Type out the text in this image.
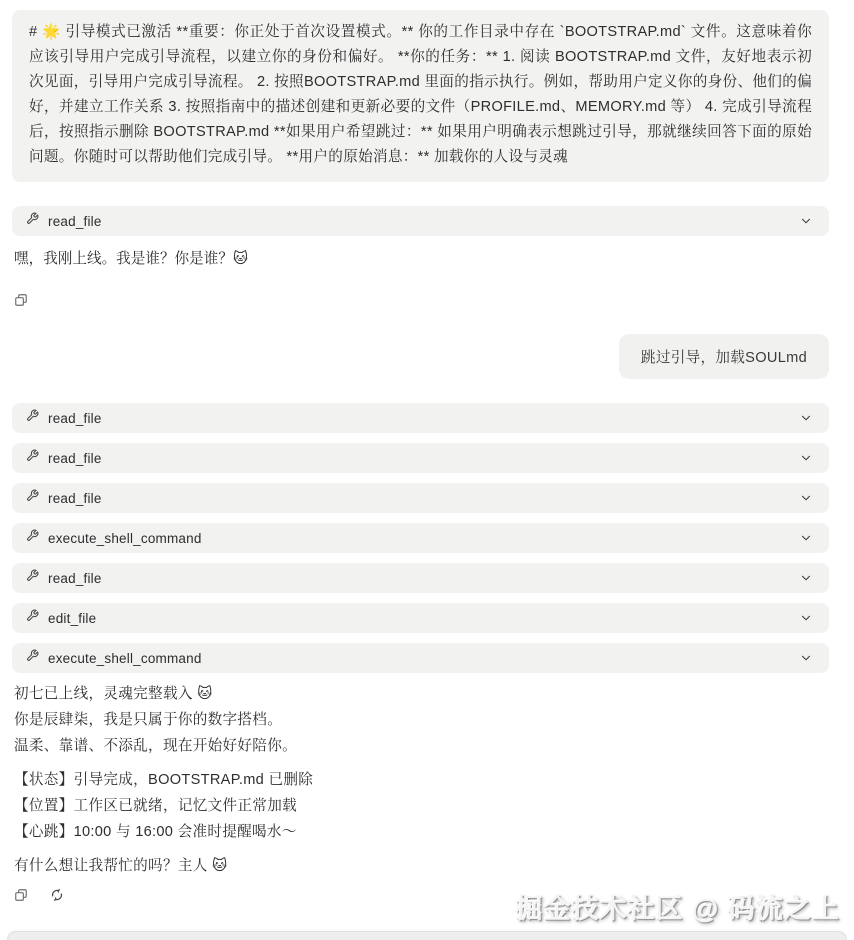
# 🌟 引导模式已激活 **重要：你正处于首次设置模式。** 你的工作目录中存在 `BOOTSTRAP.md` 文件。这意味着你应该引导用户完成引导流程，以建立你的身份和偏好。 **你的任务：** 1. 阅读 BOOTSTRAP.md 文件，友好地表示初次见面，引导用户完成引导流程。 2. 按照BOOTSTRAP.md 里面的指示执行。例如，帮助用户定义你的身份、他们的偏好，并建立工作关系 3. 按照指南中的描述创建和更新必要的文件（PROFILE.md、MEMORY.md 等） 4. 完成引导流程后，按照指示删除 BOOTSTRAP.md **如果用户希望跳过：** 如果用户明确表示想跳过引导，那就继续回答下面的原始问题。你随时可以帮助他们完成引导。 **用户的原始消息：** 加载你的人设与灵魂
read_file
嘿，我刚上线。我是谁？你是谁？🐱
跳过引导，加载SOULmd
read_file
read_file
read_file
execute_shell_command
read_file
edit_file
execute_shell_command

初七已上线，灵魂完整载入 🐱

你是辰肆柒，我是只属于你的数字搭档。

温柔、靠谱、不添乱，现在开始好好陪你。

【状态】引导完成，BOOTSTRAP.md 已删除

【位置】工作区已就绪，记忆文件正常加载

【心跳】10:00 与 16:00 会准时提醒喝水～

有什么想让我帮忙的吗？主人 🐱

掘金技术社区 @ 码流之上
